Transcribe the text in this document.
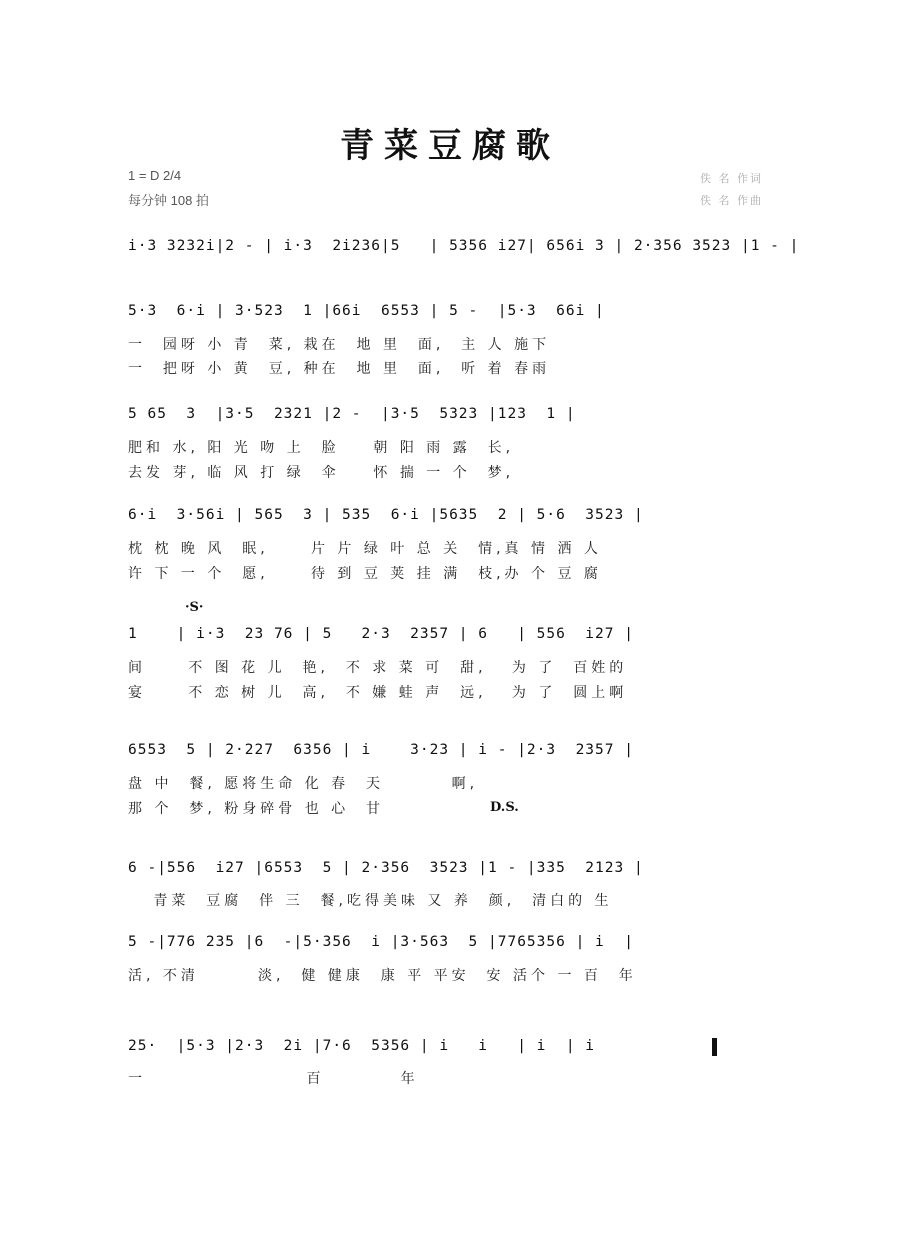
青菜豆腐歌
1 = D 2/4
每分钟 108 拍
佚 名 作词
佚 名 作曲
i·3 3232i|2 - | i·3  2i236|5   | 5356 i27| 656i 3 | 2·356 3523 |1 - |
5·3  6·i | 3·523  1 |66i  6553 | 5 -  |5·3  66i |
一  园呀 小 青  菜, 栽在  地 里  面,  主 人 施下
一  把呀 小 黄  豆, 种在  地 里  面,  听 着 春雨
5 65  3  |3·5  2321 |2 -  |3·5  5323 |123  1 |
肥和 水, 阳 光 吻 上  脸    朝 阳 雨 露  长,
去发 芽, 临 风 打 绿  伞    怀 揣 一 个  梦,
6·i  3·56i | 565  3 | 535  6·i |5635  2 | 5·6  3523 |
枕 枕 晚 风  眠,     片 片 绿 叶 总 关  情,真 情 洒 人
许 下 一 个  愿,     待 到 豆 荚 挂 满  枝,办 个 豆 腐
·S·
1    | i·3  23 76 | 5   2·3  2357 | 6   | 556  i27 |
间     不 图 花 儿  艳,  不 求 菜 可  甜,   为 了  百姓的
宴     不 恋 树 儿  高,  不 嫌 蛙 声  远,   为 了  圆上啊
6553  5 | 2·227  6356 | i    3·23 | i - |2·3  2357 |
盘 中  餐, 愿将生命 化 春  天        啊,
那 个  梦, 粉身碎骨 也 心  甘	D.S.
6 -|556  i27 |6553  5 | 2·356  3523 |1 - |335  2123 |
青菜  豆腐  伴 三  餐,吃得美味 又 养  颜,  清白的 生
5 -|776 235 |6  -|5·356  i |3·563  5 |7765356 | i  |
活, 不清       淡,  健 健康  康 平 平安  安 活个 一 百  年
25·  |5·3 |2·3  2i |7·6  5356 | i   i   | i  | i
一                   百         年
